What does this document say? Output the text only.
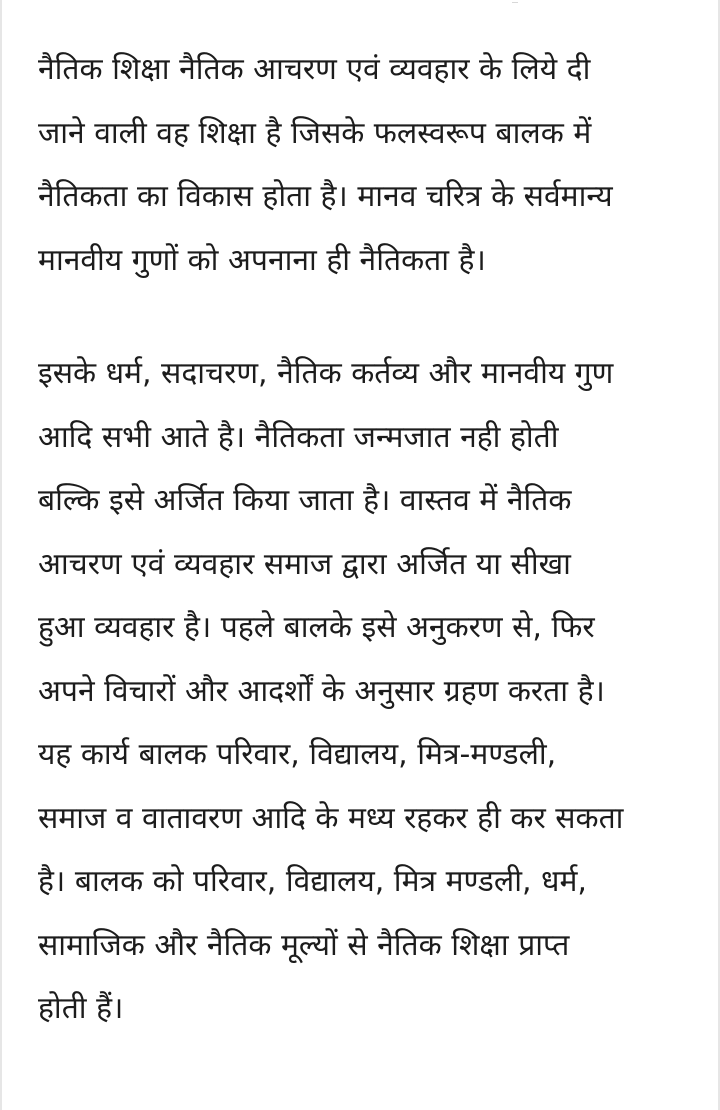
नैतिक शिक्षा नैतिक आचरण एवं व्यवहार के लिये दी
जाने वाली वह शिक्षा है जिसके फलस्वरूप बालक में
नैतिकता का विकास होता है। मानव चरित्र के सर्वमान्य
मानवीय गुणों को अपनाना ही नैतिकता है।
इसके धर्म, सदाचरण, नैतिक कर्तव्य और मानवीय गुण
आदि सभी आते है। नैतिकता जन्मजात नही होती
बल्कि इसे अर्जित किया जाता है। वास्तव में नैतिक
आचरण एवं व्यवहार समाज द्वारा अर्जित या सीखा
हुआ व्यवहार है। पहले बालके इसे अनुकरण से, फिर
अपने विचारों और आदर्शों के अनुसार ग्रहण करता है।
यह कार्य बालक परिवार, विद्यालय, मित्र-मण्डली,
समाज व वातावरण आदि के मध्य रहकर ही कर सकता
है। बालक को परिवार, विद्यालय, मित्र मण्डली, धर्म,
सामाजिक और नैतिक मूल्यों से नैतिक शिक्षा प्राप्त
होती हैं।
